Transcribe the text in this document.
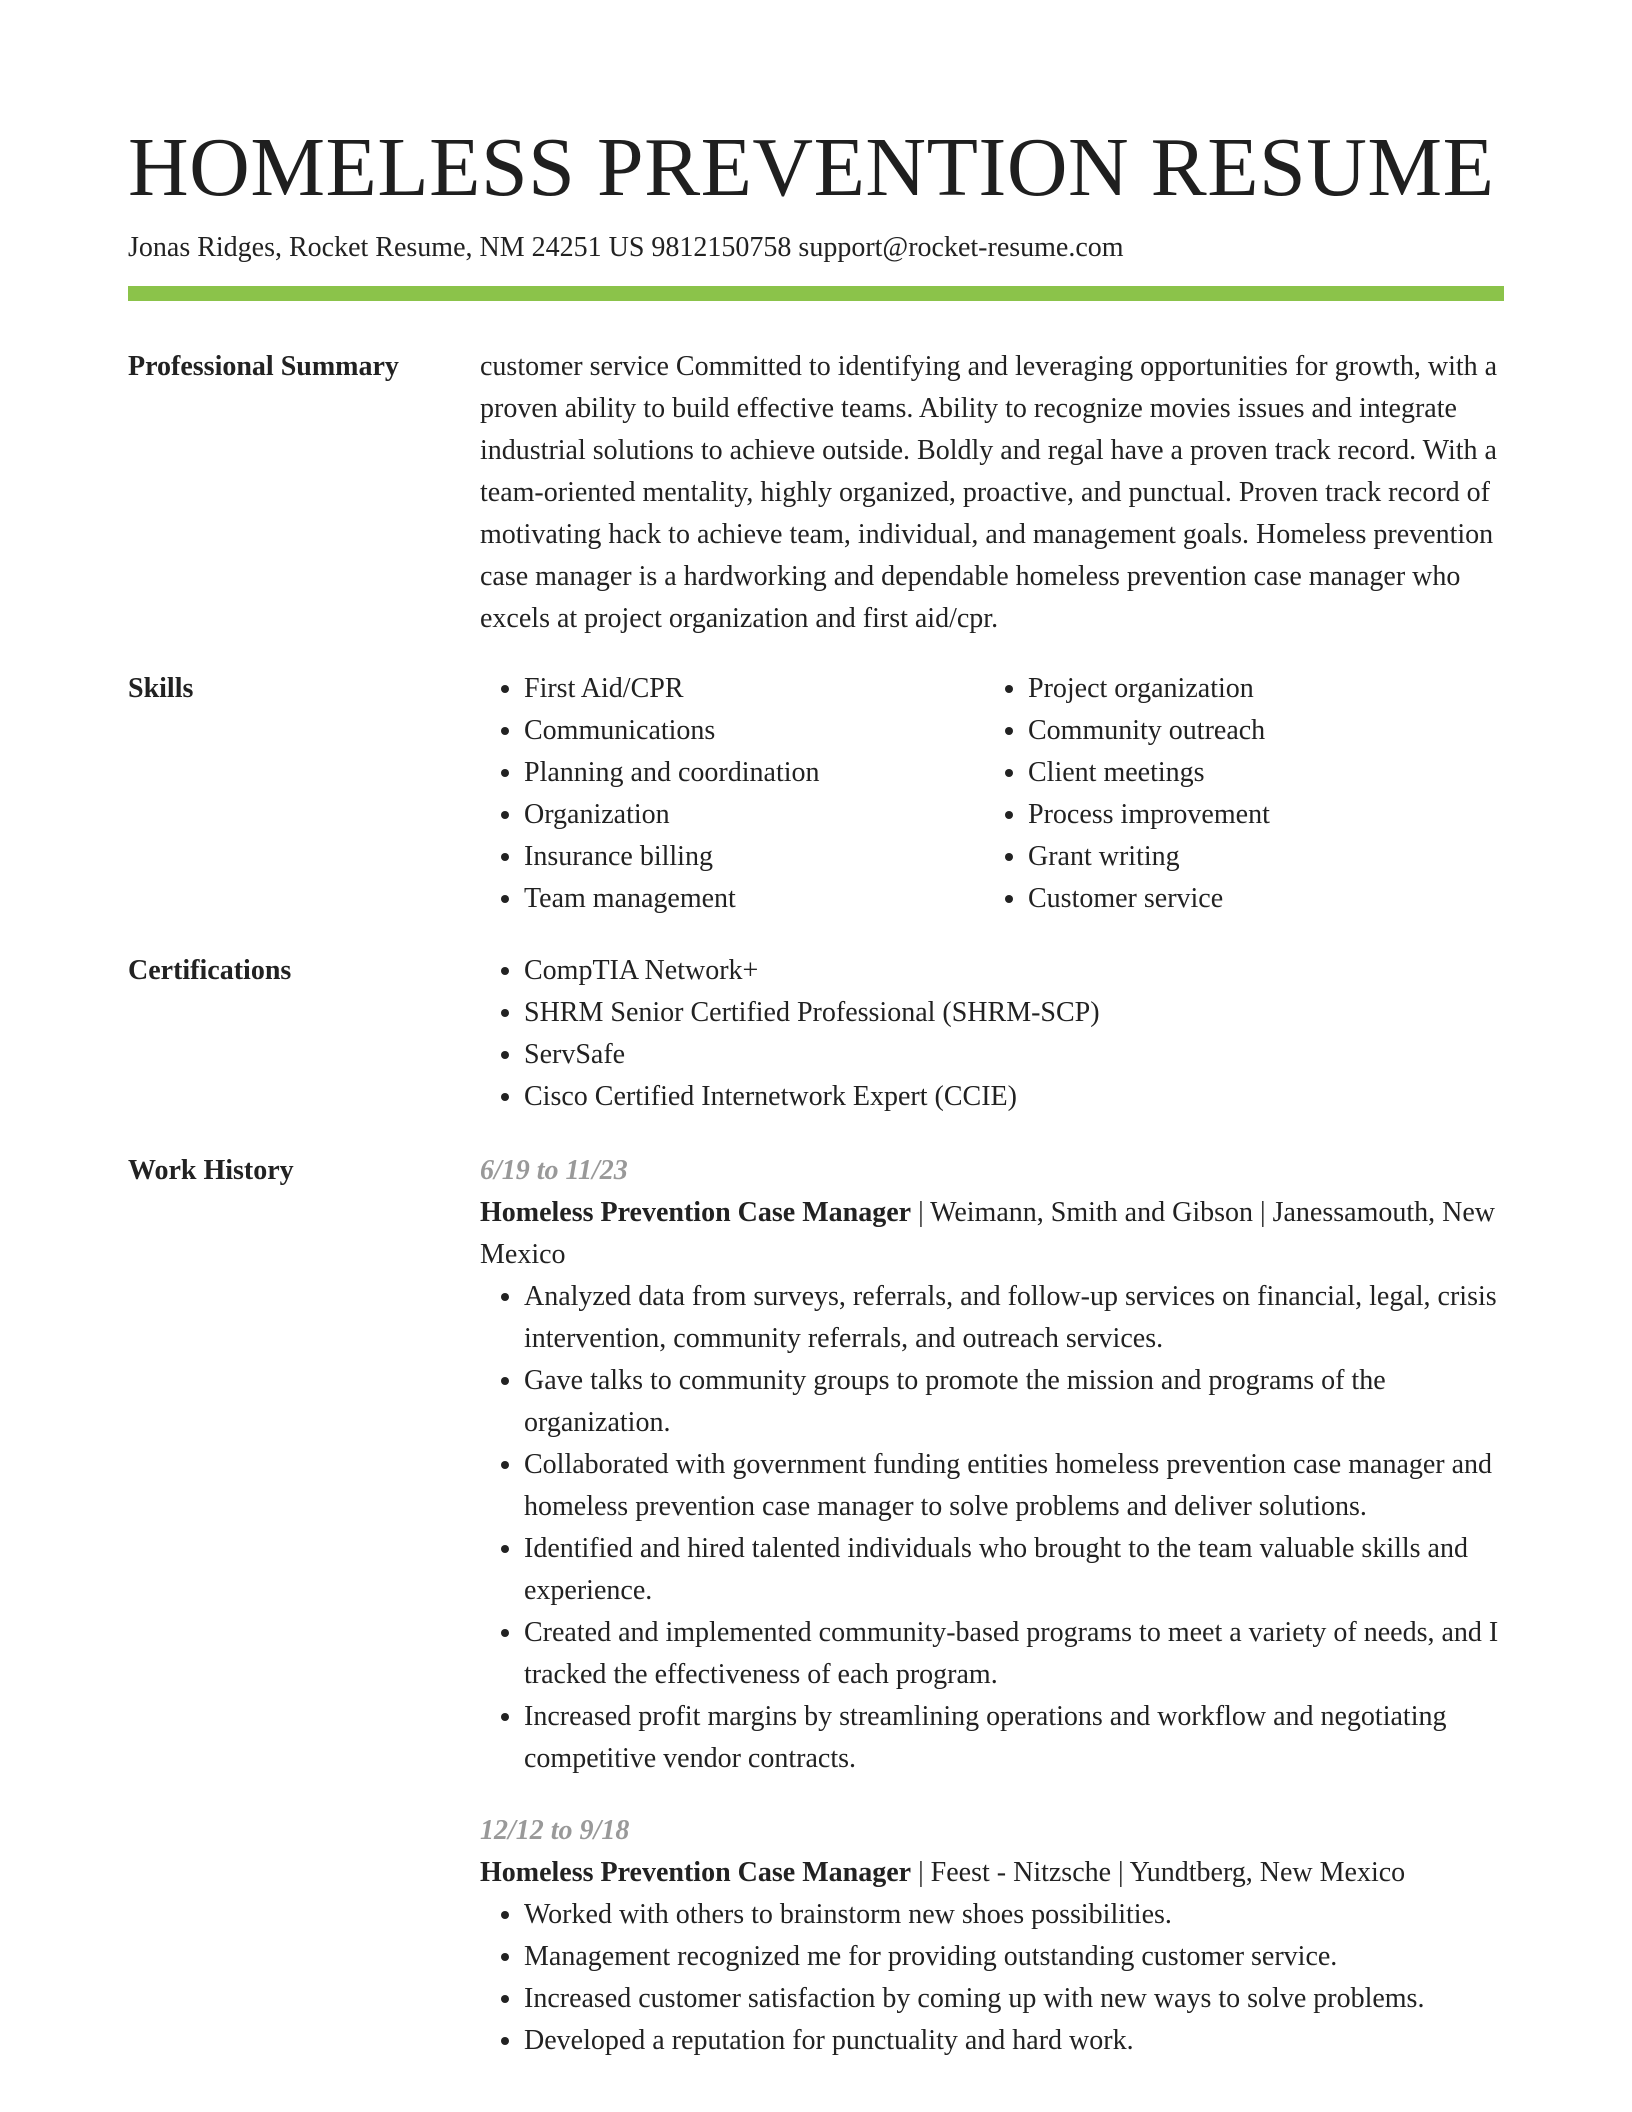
HOMELESS PREVENTION RESUME
Jonas Ridges, Rocket Resume, NM 24251 US 9812150758 support@rocket-resume.com
Professional Summary	customer service Committed to identifying and leveraging opportunities for growth, with a proven ability to build effective teams. Ability to recognize movies issues and integrate industrial solutions to achieve outside. Boldly and regal have a proven track record. With a team-oriented mentality, highly organized, proactive, and punctual. Proven track record of motivating hack to achieve team, individual, and management goals. Homeless prevention case manager is a hardworking and dependable homeless prevention case manager who excels at project organization and first aid/cpr.

Skills	• First Aid/CPR
• Communications
• Planning and coordination
• Organization
• Insurance billing
• Team management
• Project organization
• Community outreach
• Client meetings
• Process improvement
• Grant writing
• Customer service
Certifications	• CompTIA Network+
• SHRM Senior Certified Professional (SHRM-SCP)
• ServSafe
• Cisco Certified Internetwork Expert (CCIE)
Work History	6/19 to 11/23

Homeless Prevention Case Manager | Weimann, Smith and Gibson | Janessamouth, New Mexico

• Analyzed data from surveys, referrals, and follow-up services on financial, legal, crisis intervention, community referrals, and outreach services.
• Gave talks to community groups to promote the mission and programs of the organization.
• Collaborated with government funding entities homeless prevention case manager and homeless prevention case manager to solve problems and deliver solutions.
• Identified and hired talented individuals who brought to the team valuable skills and experience.
• Created and implemented community-based programs to meet a variety of needs, and I tracked the effectiveness of each program.
• Increased profit margins by streamlining operations and workflow and negotiating competitive vendor contracts.

12/12 to 9/18

Homeless Prevention Case Manager | Feest - Nitzsche | Yundtberg, New Mexico

• Worked with others to brainstorm new shoes possibilities.
• Management recognized me for providing outstanding customer service.
• Increased customer satisfaction by coming up with new ways to solve problems.
• Developed a reputation for punctuality and hard work.
